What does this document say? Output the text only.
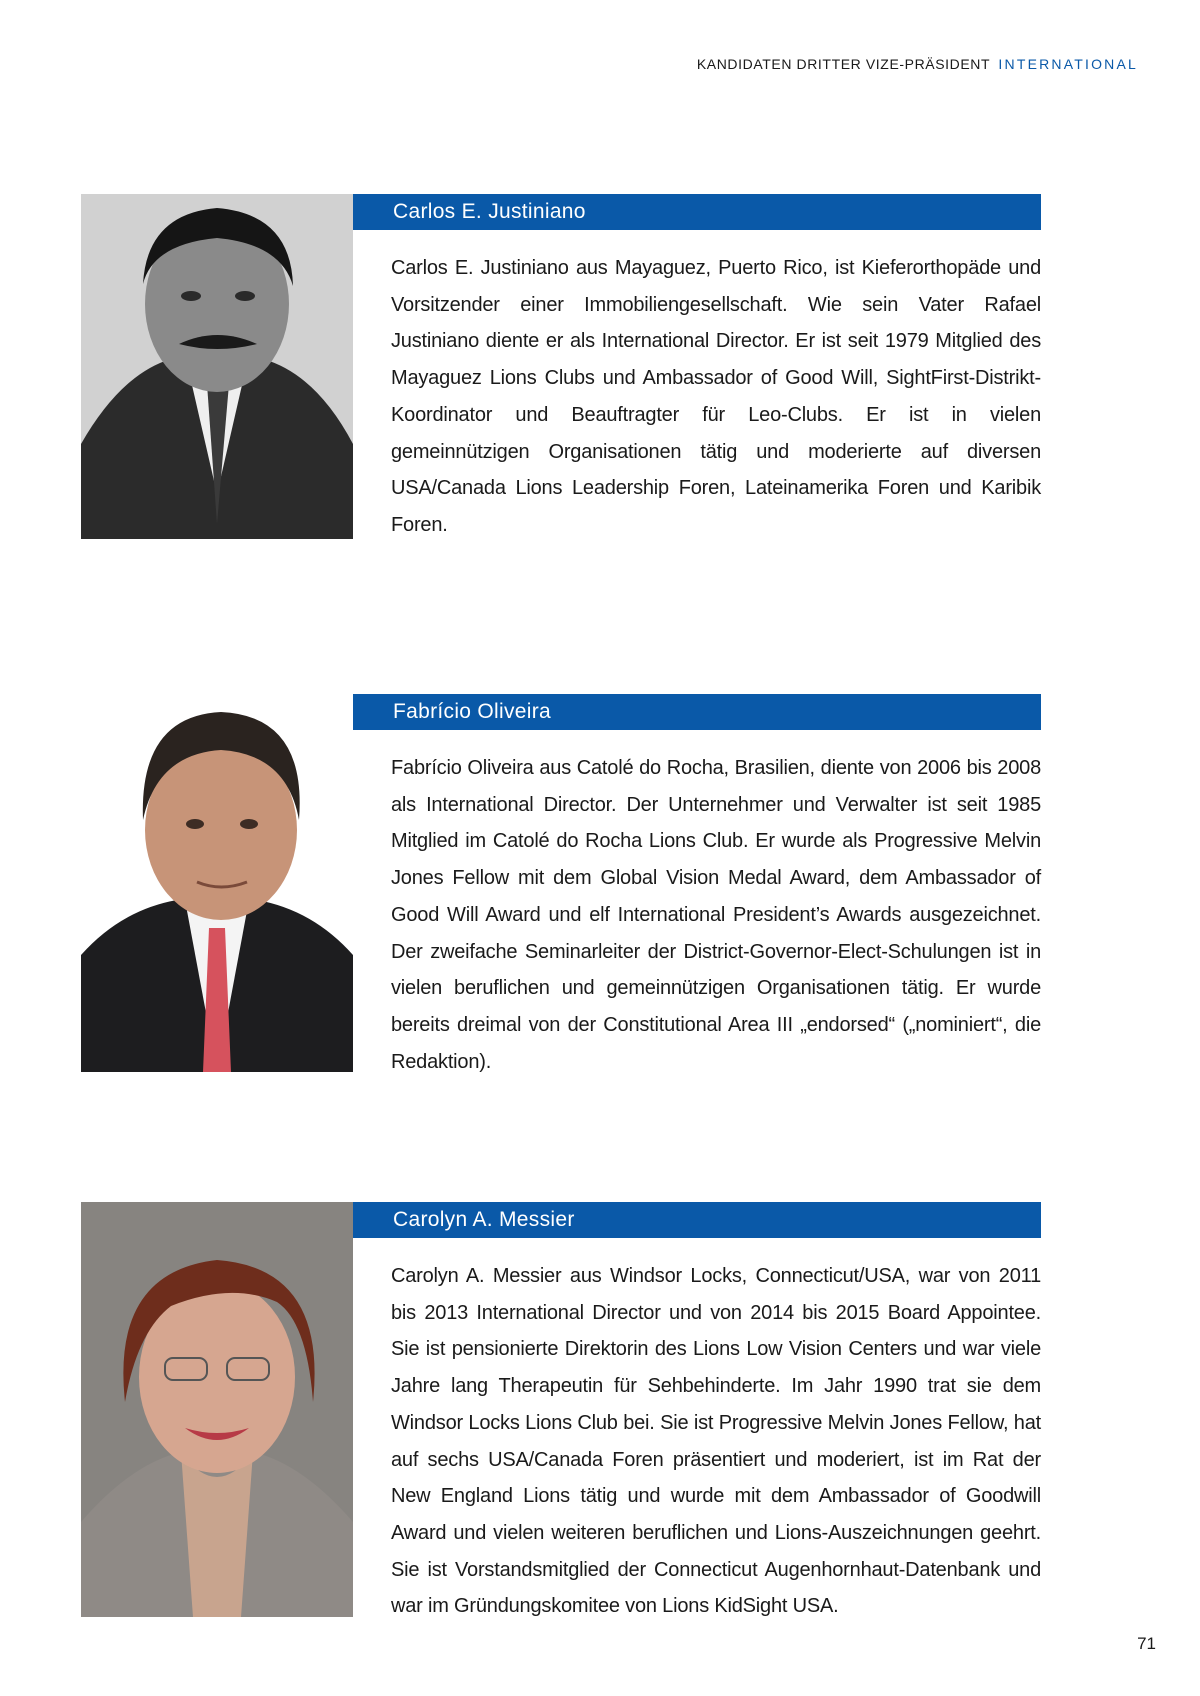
KANDIDATEN DRITTER VIZE-PRÄSIDENT INTERNATIONAL
Carlos E. Justiniano

Carlos E. Justiniano aus Mayaguez, Puerto Rico, ist Kieferorthopäde und Vorsitzender einer Immobiliengesellschaft. Wie sein Vater Rafael Justiniano diente er als International Director. Er ist seit 1979 Mitglied des Mayaguez Lions Clubs und Ambassador of Good Will, SightFirst-Distrikt-Koordinator und Beauftragter für Leo-Clubs. Er ist in vielen gemeinnützigen Organisationen tätig und moderierte auf diversen USA/Canada Lions Leadership Foren, Lateinamerika Foren und Karibik Foren.

Fabrício Oliveira

Fabrício Oliveira aus Catolé do Rocha, Brasilien, diente von 2006 bis 2008 als International Director. Der Unternehmer und Verwalter ist seit 1985 Mitglied im Catolé do Rocha Lions Club. Er wurde als Progressive Melvin Jones Fellow mit dem Global Vision Medal Award, dem Ambassador of Good Will Award und elf International President’s Awards ausgezeichnet. Der zweifache Seminarleiter der District-Governor-Elect-Schulungen ist in vielen beruflichen und gemeinnützigen Organisationen tätig. Er wurde bereits dreimal von der Constitutional Area III „endorsed“ („nominiert“, die Redaktion).

Carolyn A. Messier

Carolyn A. Messier aus Windsor Locks, Connecticut/USA, war von 2011 bis 2013 International Director und von 2014 bis 2015 Board Appointee. Sie ist pensionierte Direktorin des Lions Low Vision Centers und war viele Jahre lang Therapeutin für Sehbehinderte. Im Jahr 1990 trat sie dem Windsor Locks Lions Club bei. Sie ist Progressive Melvin Jones Fellow, hat auf sechs USA/Canada Foren präsentiert und moderiert, ist im Rat der New England Lions tätig und wurde mit dem Ambassador of Goodwill Award und vielen weiteren beruflichen und Lions-Auszeichnungen geehrt. Sie ist Vorstandsmitglied der Connecticut Augenhornhaut-Datenbank und war im Gründungskomitee von Lions KidSight USA.

71
